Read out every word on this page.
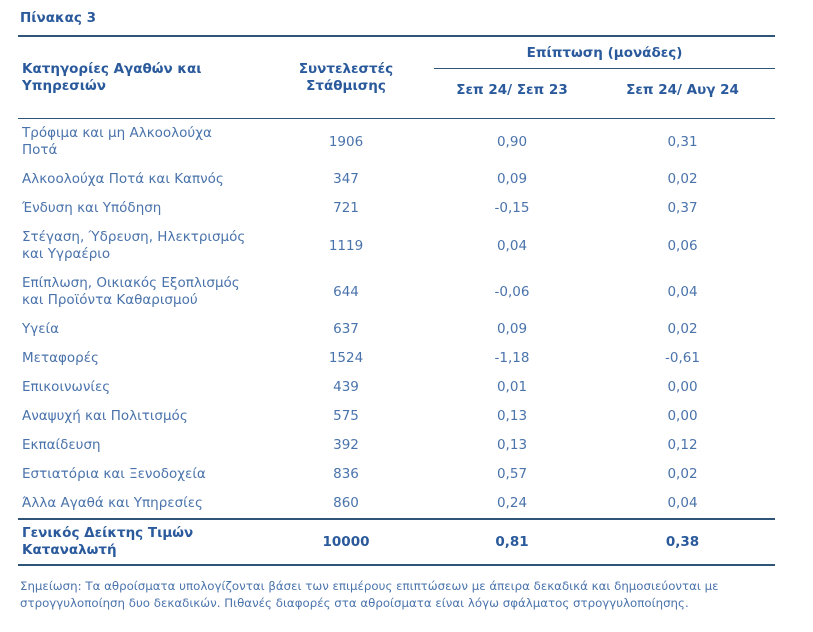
Πίνακας 3
Κατηγορίες Αγαθών και Υπηρεσιών	Συντελεστές Στάθμισης	Επίπτωση (μονάδες)	
		Σεπ 24/ Σεπ 23	Σεπ 24/ Αυγ 24
Τρόφιμα και μη Αλκοολούχα Ποτά	1906	0,90	0,31
Αλκοολούχα Ποτά και Καπνός	347	0,09	0,02
Ένδυση και Υπόδηση	721	-0,15	0,37
Στέγαση, Ύδρευση, Ηλεκτρισμός και Υγραέριο	1119	0,04	0,06
Επίπλωση, Οικιακός Εξοπλισμός και Προϊόντα Καθαρισμού	644	-0,06	0,04
Υγεία	637	0,09	0,02
Μεταφορές	1524	-1,18	-0,61
Επικοινωνίες	439	0,01	0,00
Αναψυχή και Πολιτισμός	575	0,13	0,00
Εκπαίδευση	392	0,13	0,12
Εστιατόρια και Ξενοδοχεία	836	0,57	0,02
Άλλα Αγαθά και Υπηρεσίες	860	0,24	0,04
Γενικός Δείκτης Τιμών Καταναλωτή	10000	0,81	0,38
Σημείωση: Τα αθροίσματα υπολογίζονται βάσει των επιμέρους επιπτώσεων με άπειρα δεκαδικά και δημοσιεύονται με στρογγυλοποίηση δυο δεκαδικών. Πιθανές διαφορές στα αθροίσματα είναι λόγω σφάλματος στρογγυλοποίησης.
